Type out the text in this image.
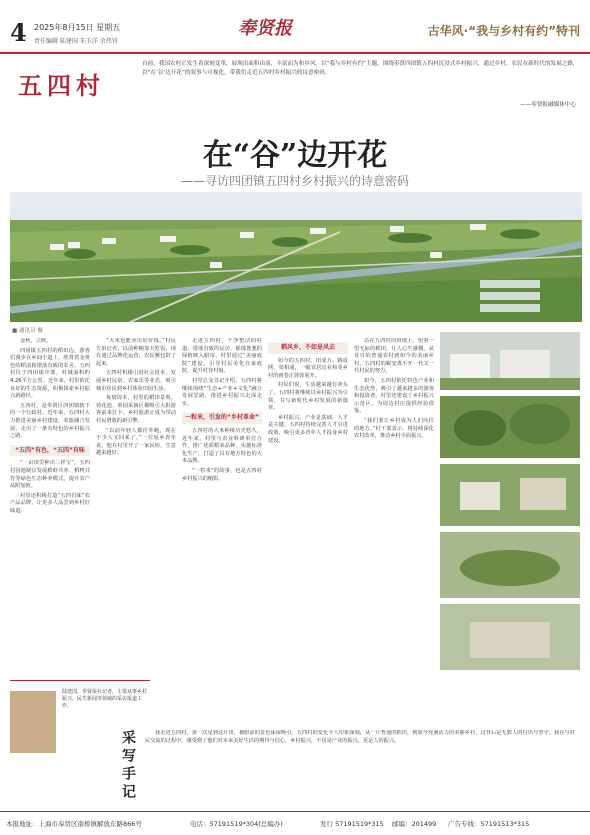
4 2025年8月15日 星期五
责任编辑 陆建国 朱玉洋 余伟钊
奉贤报	古华风·“我与乡村有约”特刊
五四村
自前，我国农村正发生着深刻变革，展现出面积由南，丰富而为和乡风。以“我与乡村有约”主题，围绕奉贤四团镇五四村沉浸式乡村振兴，通过乡村、农民在新时代的发展之路，以“在‘谷’边开花”的叙事与可视化，带我们走近五四村乡村振兴的诗意密码。
——奉贤报融媒体中心
在“谷”边开花
——寻访四团镇五四村乡村振兴的诗意密码
■ 通讯员 摄

金秋，立秋。

四团镇五四村的稻田边，游客们漫步在乡间小道上，欣赏着金黄色的稻浪和错落有致的农舍。五四村位于四团镇中部，村域面积约4.26平方公里。近年来，村里依托良好的生态资源，积极探索乡村振兴新路径。

五四村，是奉贤区四团镇辖下的一个行政村。近年来，五四村大力推进美丽乡村建设，农旅融合发展，走出了一条有特色的乡村振兴之路。

“五四”有色，“五四”有味

“一亩田里种出三样宝”。五四村因地制宜发展稻虾共养、稻鸭共作等绿色生态种养模式，提升农产品附加值。

村里还积极打造“五四有味”农产品品牌，让更多人品尝到乡村好味道。

“大米也能卖出好价钱。”村民告诉记者，以前种粮靠天吃饭，现在通过品牌化运营，农民腰包鼓了起来。

五四村积极引进社会资本，发展乡村民宿、农家乐等业态，吸引城市居民到乡村体验田园生活。

每到周末，村里的稻田景观、荷花池、果园采摘区都吸引大批游客前来打卡。乡村旅游正成为带动村民增收的新引擎。

“以前年轻人都往外跑，现在不少人又回来了。”一位返乡青年说，他在村里开了一家民宿，生意越来越好。

走进五四村，干净整洁的村道、错落有致的民居、郁郁葱葱的绿植映入眼帘。村里通过“美丽庭院”建设，引导村民美化自家庭院，提升村容村貌。

村党总支书记介绍，五四村将继续围绕“生态+产业+文化”融合发展思路，推进乡村振兴走深走实。

一粒米，引发的“乡村革命”

五四村的大米种植历史悠久。近年来，村里与农业科研单位合作，推广优质稻米品种，实施标准化生产，打造了具有地方特色的大米品牌。

“一粒米”的故事，也是五四村乡村振兴的缩影。

稻风乡，不如是风去

如今的五四村，田成方、路成网、渠相通，一幅宜居宜业和美乡村的画卷正徐徐展开。

村民们说，生活越来越有奔头了。五四村将继续以乡村振兴为引领，书写新时代乡村发展的新篇章。

乡村振兴，产业是基础，人才是关键。五四村持续完善人才引进政策，吸引更多青年人才投身乡村建设。

站在五四村的田埂上，望着一望无际的稻田，让人心生感慨。从昔日的普通农村到如今的美丽乡村，五四村的蜕变离不开一代又一代村民的努力。

如今，五四村依托特色产业和生态优势，吸引了越来越多的游客和投资者。村里还建设了乡村振兴示范区，为周边村庄提供经验借鉴。

“我们要让乡村成为人们向往的地方。”村干部表示，将持续深化农村改革，推动乡村全面振兴。

陆建国，奉贤报社记者，主要从事乡村振兴、民生新闻等领域的采访报道工作。
采写手记	我走进五四村，第一次见到这片田，被眼前的景色深深吸引。五四村的变化令人印象深刻，从一片普通的稻田，到如今充满活力的美丽乡村，这背后是无数人的付出与坚守。我在与村民交流的过程中，感受到了他们对未来美好生活的期待与信心。乡村振兴，不仅是产业的振兴，更是人的振兴。

本报地址：上海市奉贤区南桥镇解放东路866号	电话：57191519*304(总编办)	发行 57191519*315 邮编：201499 广告专线：57191513*315
